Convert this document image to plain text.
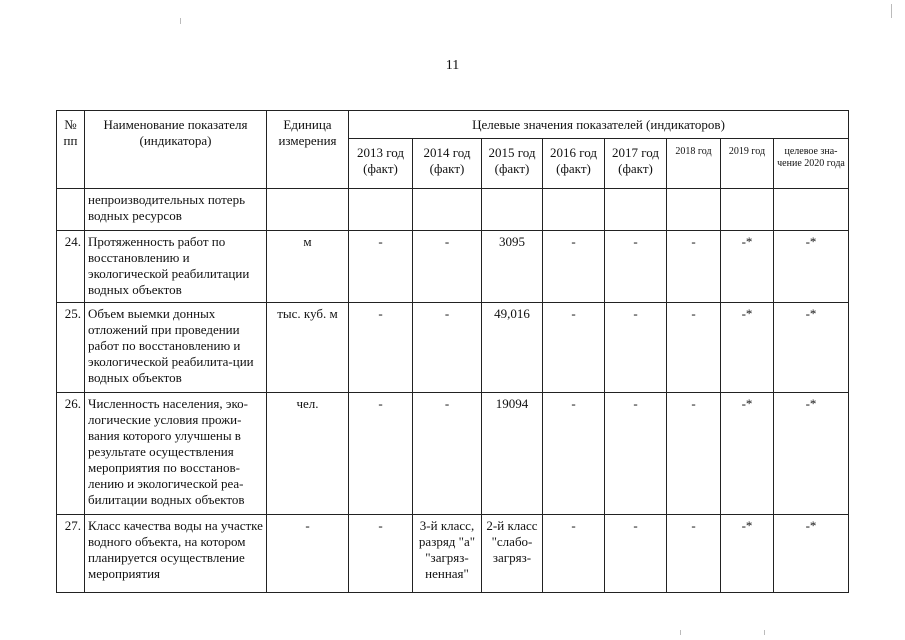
11
№ пп	Наименование показателя (индикатора)	Единица измерения	Целевые значения показателей (индикаторов)							
			2013 год (факт)	2014 год (факт)	2015 год (факт)	2016 год (факт)	2017 год (факт)	2018 год	2019 год	целевое зна-чение 2020 года
	непроизводительных потерь водных ресурсов									
24.	Протяженность работ по восстановлению и экологической реабилитации водных объектов	м	-	-	3095	-	-	-	-*	-*
25.	Объем выемки донных отложений при проведении работ по восстановлению и экологической реабилита-ции водных объектов	тыс. куб. м	-	-	49,016	-	-	-	-*	-*
26.	Численность населения, эко-логические условия прожи-вания которого улучшены в результате осуществления мероприятия по восстанов-лению и экологической реа-билитации водных объектов	чел.	-	-	19094	-	-	-	-*	-*
27.	Класс качества воды на участке водного объекта, на котором планируется осуществление мероприятия	-	-	3-й класс, разряд "а" "загряз-ненная"	2-й класс "слабо-загряз-	-	-	-	-*	-*
